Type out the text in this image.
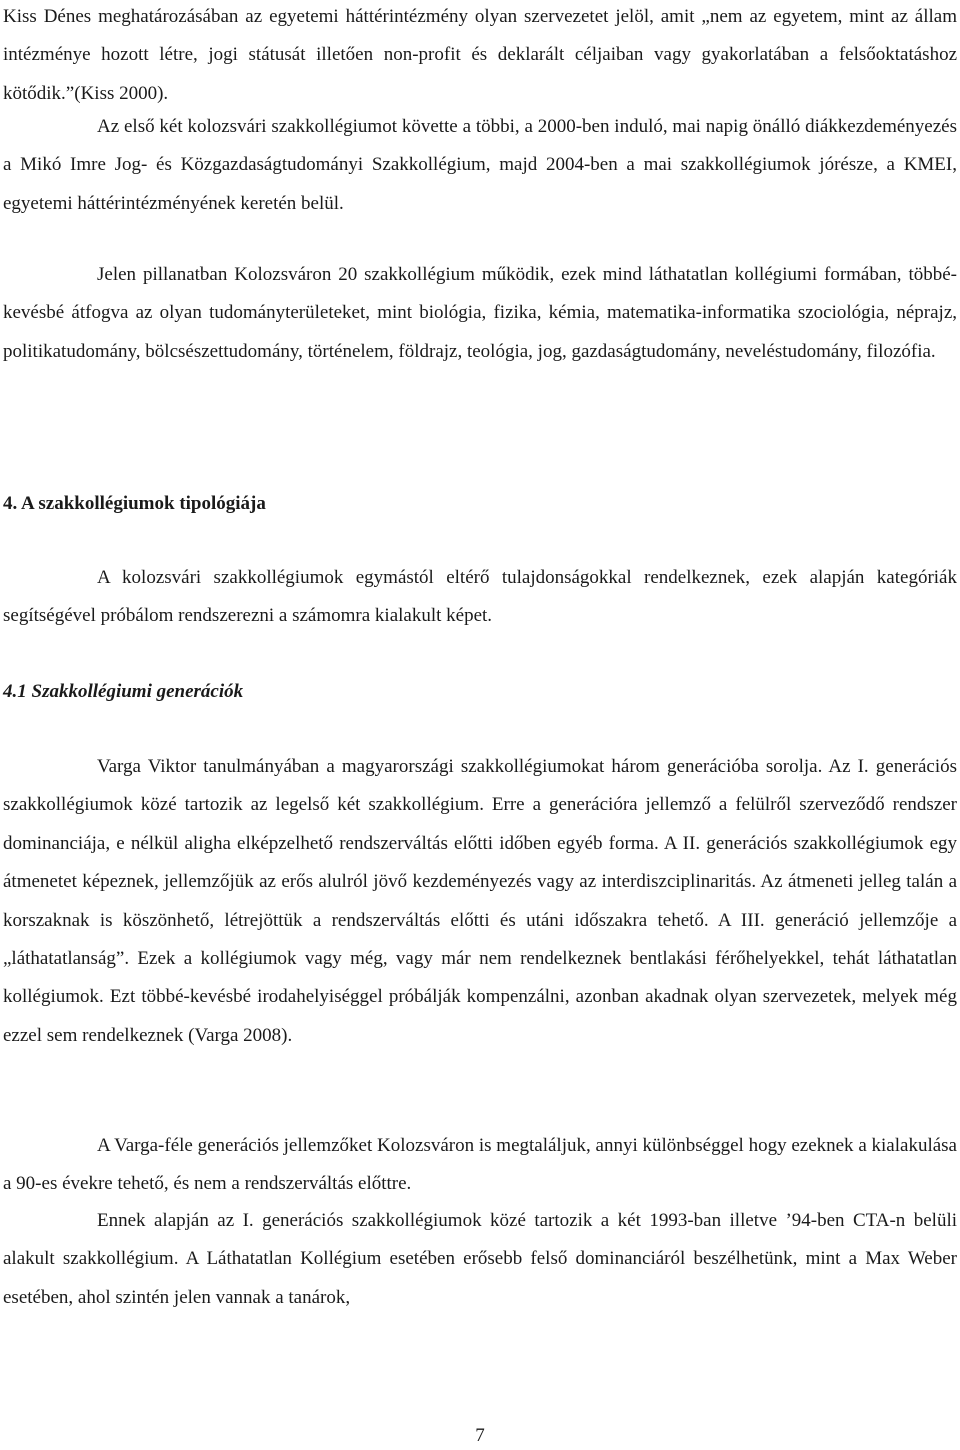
Kiss Dénes meghatározásában az egyetemi háttérintézmény olyan szervezetet jelöl, amit „nem az egyetem, mint az állam intézménye hozott létre, jogi státusát illetően non-profit és deklarált céljaiban vagy gyakorlatában a felsőoktatáshoz kötődik.”(Kiss 2000).

Az első két kolozsvári szakkollégiumot követte a többi, a 2000-ben induló, mai napig önálló diákkezdeményezés a Mikó Imre Jog- és Közgazdaságtudományi Szakkollégium, majd 2004-ben a mai szakkollégiumok jórésze, a KMEI, egyetemi háttérintézményének keretén belül.

Jelen pillanatban Kolozsváron 20 szakkollégium működik, ezek mind láthatatlan kollégiumi formában, többé-kevésbé átfogva az olyan tudományterületeket, mint biológia, fizika, kémia, matematika-informatika szociológia, néprajz, politikatudomány, bölcsészettudomány, történelem, földrajz, teológia, jog, gazdaságtudomány, neveléstudomány, filozófia.

4. A szakkollégiumok tipológiája

A kolozsvári szakkollégiumok egymástól eltérő tulajdonságokkal rendelkeznek, ezek alapján kategóriák segítségével próbálom rendszerezni a számomra kialakult képet.

4.1 Szakkollégiumi generációk

Varga Viktor tanulmányában a magyarországi szakkollégiumokat három generációba sorolja. Az I. generációs szakkollégiumok közé tartozik az legelső két szakkollégium. Erre a generációra jellemző a felülről szerveződő rendszer dominanciája, e nélkül aligha elképzelhető rendszerváltás előtti időben egyéb forma. A II. generációs szakkollégiumok egy átmenetet képeznek, jellemzőjük az erős alulról jövő kezdeményezés vagy az interdiszciplinaritás. Az átmeneti jelleg talán a korszaknak is köszönhető, létrejöttük a rendszerváltás előtti és utáni időszakra tehető. A III. generáció jellemzője a „láthatatlanság”. Ezek a kollégiumok vagy még, vagy már nem rendelkeznek bentlakási férőhelyekkel, tehát láthatatlan kollégiumok. Ezt többé-kevésbé irodahelyiséggel próbálják kompenzálni, azonban akadnak olyan szervezetek, melyek még ezzel sem rendelkeznek (Varga 2008).

A Varga-féle generációs jellemzőket Kolozsváron is megtaláljuk, annyi különbséggel hogy ezeknek a kialakulása a 90-es évekre tehető, és nem a rendszerváltás előttre.

Ennek alapján az I. generációs szakkollégiumok közé tartozik a két 1993-ban illetve ’94-ben CTA-n belüli alakult szakkollégium. A Láthatatlan Kollégium esetében erősebb felső dominanciáról beszélhetünk, mint a Max Weber esetében, ahol szintén jelen vannak a tanárok,

7
